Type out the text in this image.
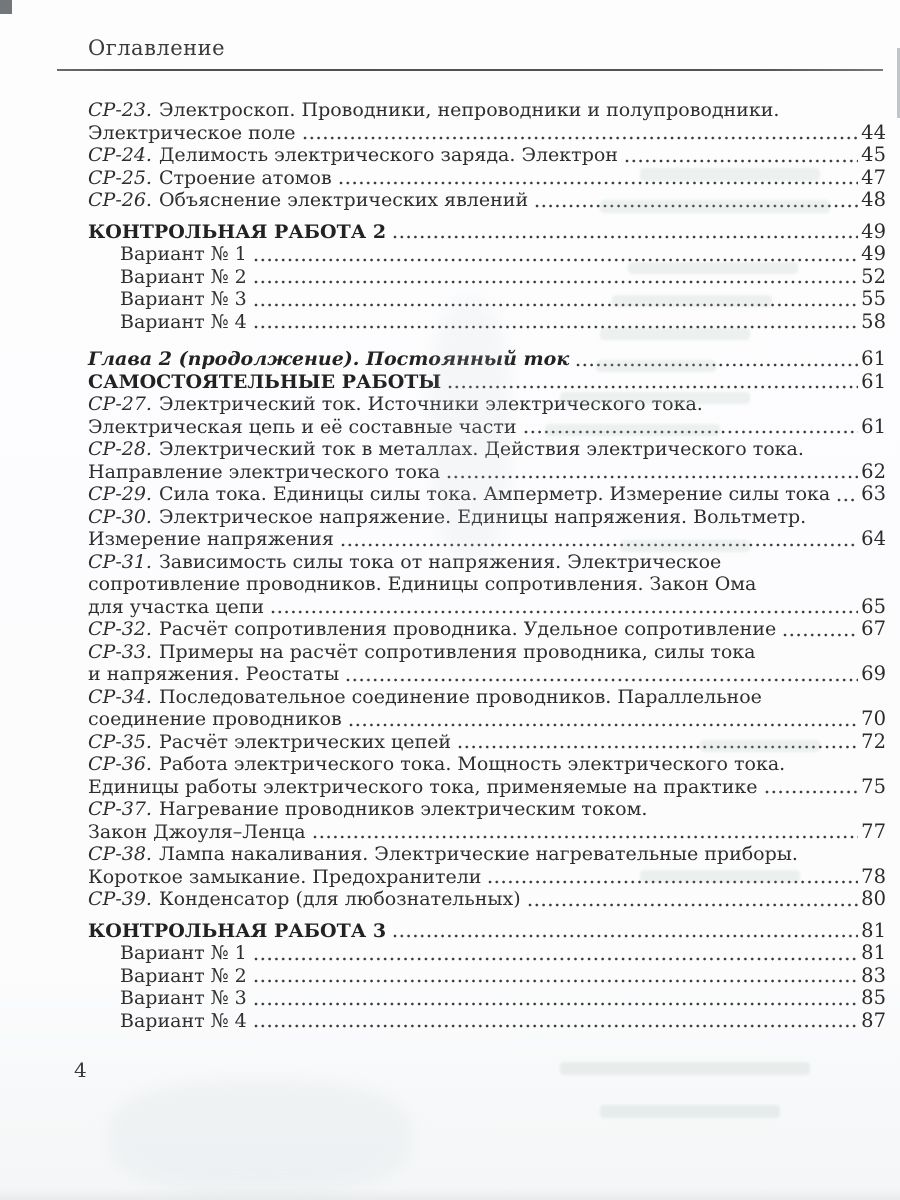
Оглавление
СР-23. Электроскоп. Проводники, непроводники и полупроводники.
Электрическое поле	44
СР-24. Делимость электрического заряда. Электрон	45
СР-25. Строение атомов	47
СР-26. Объяснение электрических явлений	48
КОНТРОЛЬНАЯ РАБОТА 2	49
Вариант № 1	49
Вариант № 2	52
Вариант № 3	55
Вариант № 4	58
Глава 2 (продолжение). Постоянный ток	61
САМОСТОЯТЕЛЬНЫЕ РАБОТЫ	61
СР-27. Электрический ток. Источники электрического тока.
Электрическая цепь и её составные части	61
СР-28. Электрический ток в металлах. Действия электрического тока.
Направление электрического тока	62
СР-29. Сила тока. Единицы силы тока. Амперметр. Измерение силы тока 63
СР-30. Электрическое напряжение. Единицы напряжения. Вольтметр.
Измерение напряжения	64
СР-31. Зависимость силы тока от напряжения. Электрическое
сопротивление проводников. Единицы сопротивления. Закон Ома
для участка цепи	65
СР-32. Расчёт сопротивления проводника. Удельное сопротивление	67
СР-33. Примеры на расчёт сопротивления проводника, силы тока
и напряжения. Реостаты	69
СР-34. Последовательное соединение проводников. Параллельное
соединение проводников	70
СР-35. Расчёт электрических цепей	72
СР-36. Работа электрического тока. Мощность электрического тока.
Единицы работы электрического тока, применяемые на практике	75
СР-37. Нагревание проводников электрическим током.
Закон Джоуля–Ленца	77
СР-38. Лампа накаливания. Электрические нагревательные приборы.
Короткое замыкание. Предохранители	78
СР-39. Конденсатор (для любознательных)	80
КОНТРОЛЬНАЯ РАБОТА 3	81
Вариант № 1	81
Вариант № 2	83
Вариант № 3	85
Вариант № 4	87
4
